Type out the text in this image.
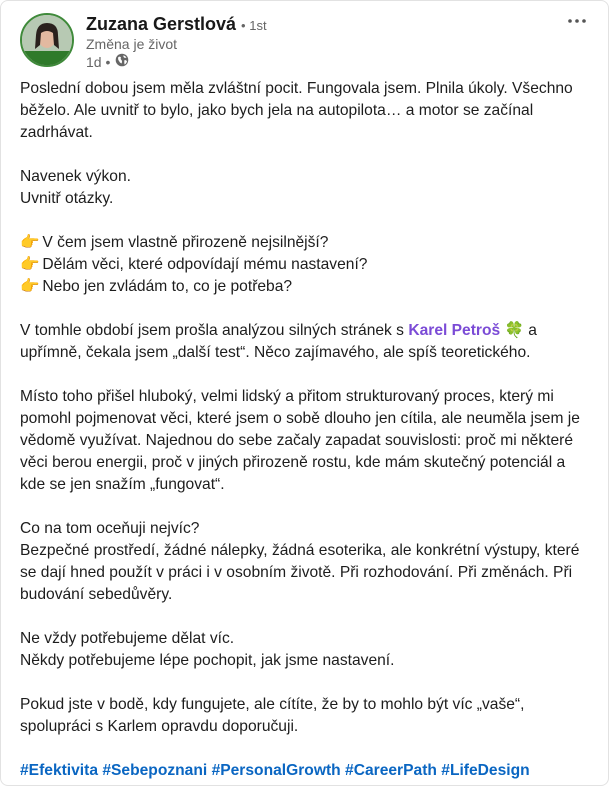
Zuzana Gerstlová • 1st
Změna je život
1d •

Poslední dobou jsem měla zvláštní pocit. Fungovala jsem. Plnila úkoly. Všechno běželo. Ale uvnitř to bylo, jako bych jela na autopilota… a motor se začínal zadrhávat.

Navenek výkon.
Uvnitř otázky.

👉 V čem jsem vlastně přirozeně nejsilnější?
👉 Dělám věci, které odpovídají mému nastavení?
👉 Nebo jen zvládám to, co je potřeba?

V tomhle období jsem prošla analýzou silných stránek s Karel Petroš 🍀 a upřímně, čekala jsem „další test“. Něco zajímavého, ale spíš teoretického.

Místo toho přišel hluboký, velmi lidský a přitom strukturovaný proces, který mi pomohl pojmenovat věci, které jsem o sobě dlouho jen cítila, ale neuměla jsem je vědomě využívat. Najednou do sebe začaly zapadat souvislosti: proč mi některé věci berou energii, proč v jiných přirozeně rostu, kde mám skutečný potenciál a kde se jen snažím „fungovat“.

Co na tom oceňuji nejvíc?
Bezpečné prostředí, žádné nálepky, žádná esoterika, ale konkrétní výstupy, které se dají hned použít v práci i v osobním životě. Při rozhodování. Při změnách. Při budování sebedůvěry.

Ne vždy potřebujeme dělat víc.
Někdy potřebujeme lépe pochopit, jak jsme nastavení.

Pokud jste v bodě, kdy fungujete, ale cítíte, že by to mohlo být víc „vaše“, spolupráci s Karlem opravdu doporučuji.

#Efektivita #Sebepoznani #PersonalGrowth #CareerPath #LifeDesign
